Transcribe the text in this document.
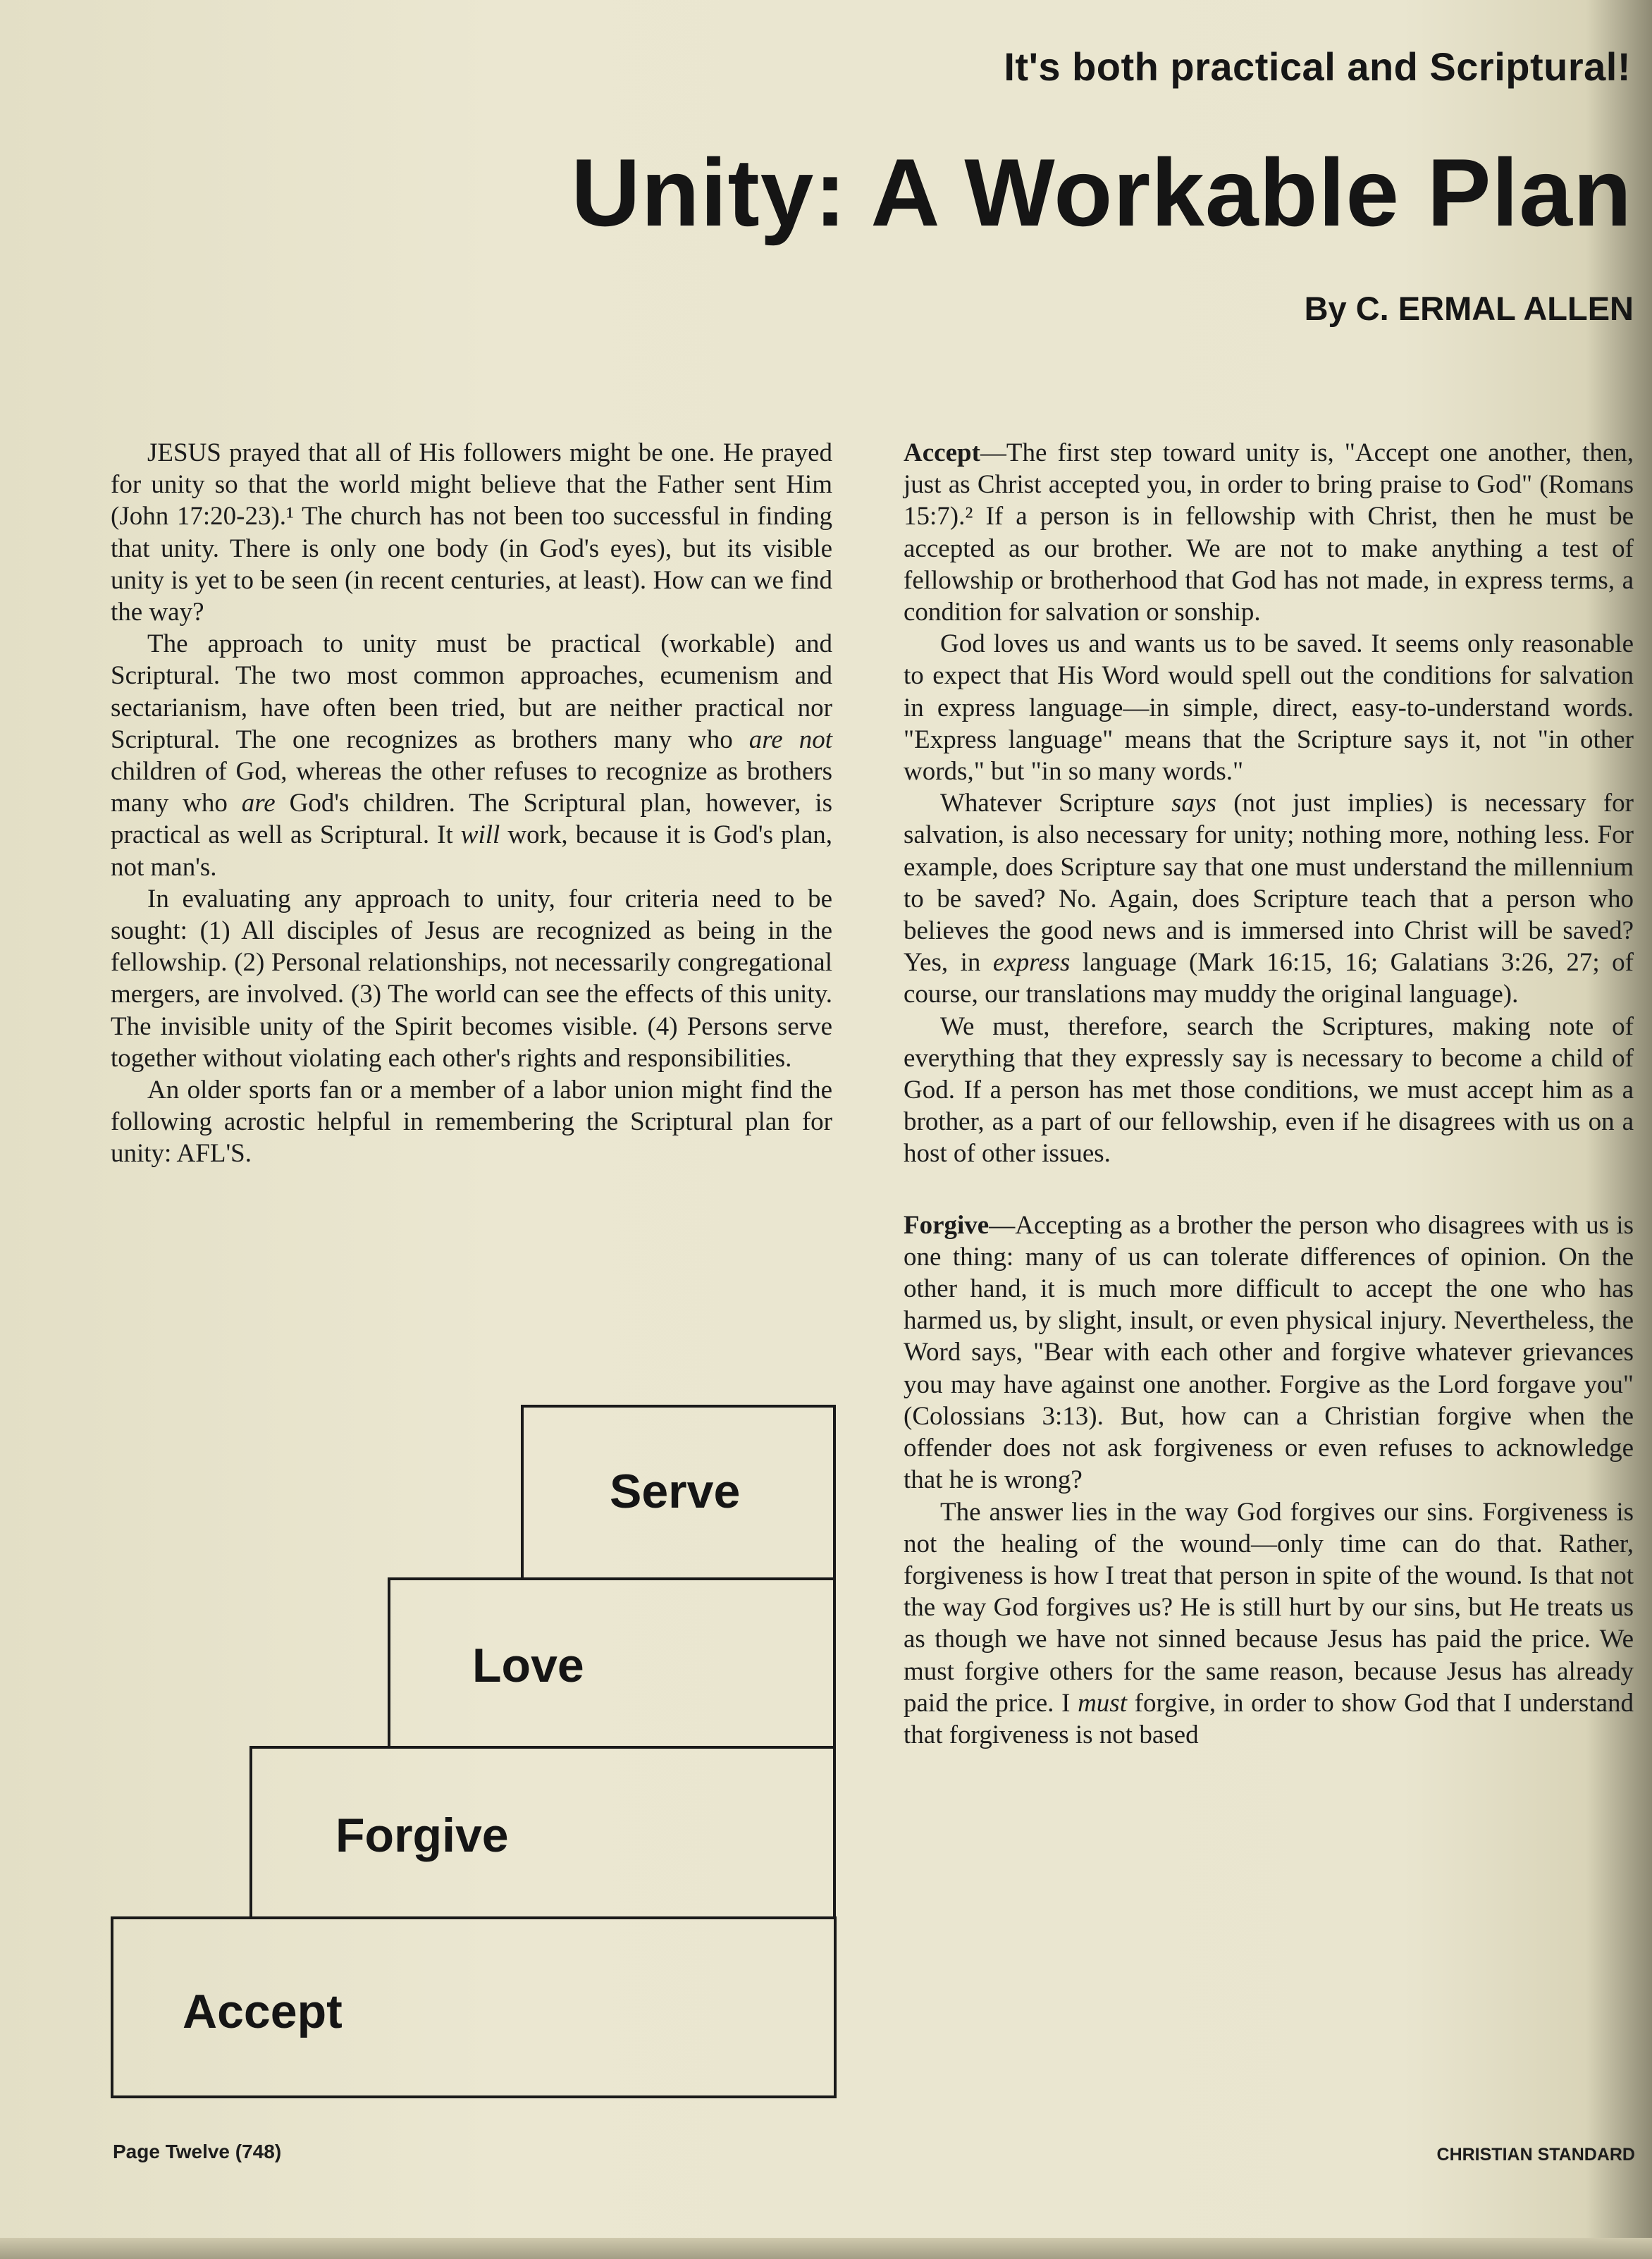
It's both practical and Scriptural!
Unity: A Workable Plan
By C. ERMAL ALLEN

JESUS prayed that all of His followers might be one. He prayed for unity so that the world might believe that the Father sent Him (John 17:20-23).¹ The church has not been too successful in finding that unity. There is only one body (in God's eyes), but its visible unity is yet to be seen (in recent centuries, at least). How can we find the way?

The approach to unity must be practical (workable) and Scriptural. The two most common approaches, ecumenism and sectarianism, have often been tried, but are neither practical nor Scriptural. The one recognizes as brothers many who are not children of God, whereas the other refuses to recognize as brothers many who are God's children. The Scriptural plan, however, is practical as well as Scriptural. It will work, because it is God's plan, not man's.

In evaluating any approach to unity, four criteria need to be sought: (1) All disciples of Jesus are recognized as being in the fellowship. (2) Personal relationships, not necessarily congregational mergers, are involved. (3) The world can see the effects of this unity. The invisible unity of the Spirit becomes visible. (4) Persons serve together without violating each other's rights and responsibilities.

An older sports fan or a member of a labor union might find the following acrostic helpful in remembering the Scriptural plan for unity: AFL'S.

Serve
Love
Forgive
Accept

Accept—The first step toward unity is, "Accept one another, then, just as Christ accepted you, in order to bring praise to God" (Romans 15:7).² If a person is in fellowship with Christ, then he must be accepted as our brother. We are not to make anything a test of fellowship or brotherhood that God has not made, in express terms, a condition for salvation or sonship.

God loves us and wants us to be saved. It seems only reasonable to expect that His Word would spell out the conditions for salvation in express language—in simple, direct, easy-to-understand words. "Express language" means that the Scripture says it, not "in other words," but "in so many words."

Whatever Scripture says (not just implies) is necessary for salvation, is also necessary for unity; nothing more, nothing less. For example, does Scripture say that one must understand the millennium to be saved? No. Again, does Scripture teach that a person who believes the good news and is immersed into Christ will be saved? Yes, in express language (Mark 16:15, 16; Galatians 3:26, 27; of course, our translations may muddy the original language).

We must, therefore, search the Scriptures, making note of everything that they expressly say is necessary to become a child of God. If a person has met those conditions, we must accept him as a brother, as a part of our fellowship, even if he disagrees with us on a host of other issues.

Forgive—Accepting as a brother the person who disagrees with us is one thing: many of us can tolerate differences of opinion. On the other hand, it is much more difficult to accept the one who has harmed us, by slight, insult, or even physical injury. Nevertheless, the Word says, "Bear with each other and forgive whatever grievances you may have against one another. Forgive as the Lord forgave you" (Colossians 3:13). But, how can a Christian forgive when the offender does not ask forgiveness or even refuses to acknowledge that he is wrong?

The answer lies in the way God forgives our sins. Forgiveness is not the healing of the wound—only time can do that. Rather, forgiveness is how I treat that person in spite of the wound. Is that not the way God forgives us? He is still hurt by our sins, but He treats us as though we have not sinned because Jesus has paid the price. We must forgive others for the same reason, because Jesus has already paid the price. I must forgive, in order to show God that I understand that forgiveness is not based

Page Twelve (748)	CHRISTIAN STANDARD
